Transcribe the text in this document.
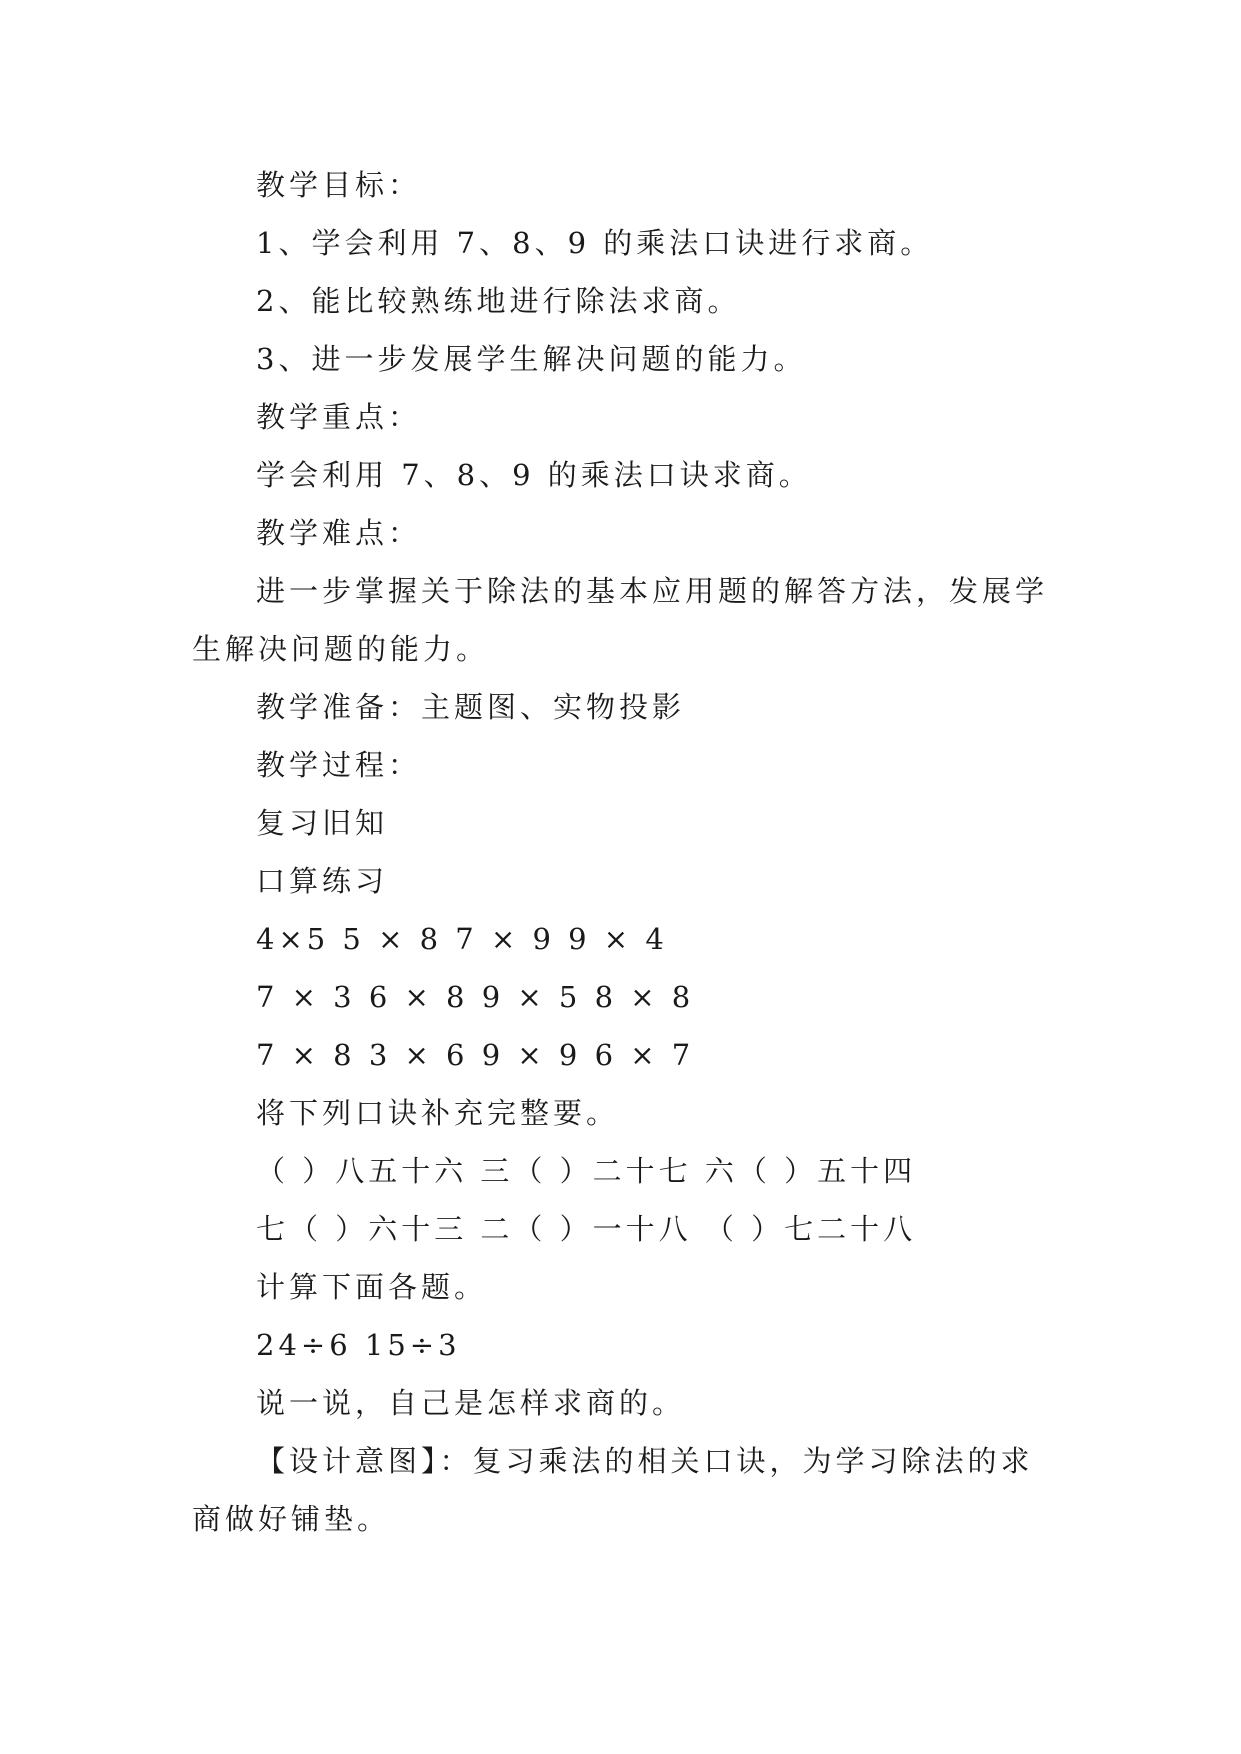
教学目标：
1、学会利用 7、8、9 的乘法口诀进行求商。
2、能比较熟练地进行除法求商。
3、进一步发展学生解决问题的能力。
教学重点：
学会利用 7、8、9 的乘法口诀求商。
教学难点：
进一步掌握关于除法的基本应用题的解答方法，发展学生解决问题的能力。
教学准备：主题图、实物投影
教学过程：
复习旧知
口算练习
4×5 5 × 8 7 × 9 9 × 4
7 × 3 6 × 8 9 × 5 8 × 8
7 × 8 3 × 6 9 × 9 6 × 7
将下列口诀补充完整要。
（ ）八五十六 三（ ）二十七 六（ ）五十四
七（ ）六十三 二（ ）一十八 （ ）七二十八
计算下面各题。
24÷6 15÷3
说一说，自己是怎样求商的。
【设计意图】：复习乘法的相关口诀，为学习除法的求商做好铺垫。
